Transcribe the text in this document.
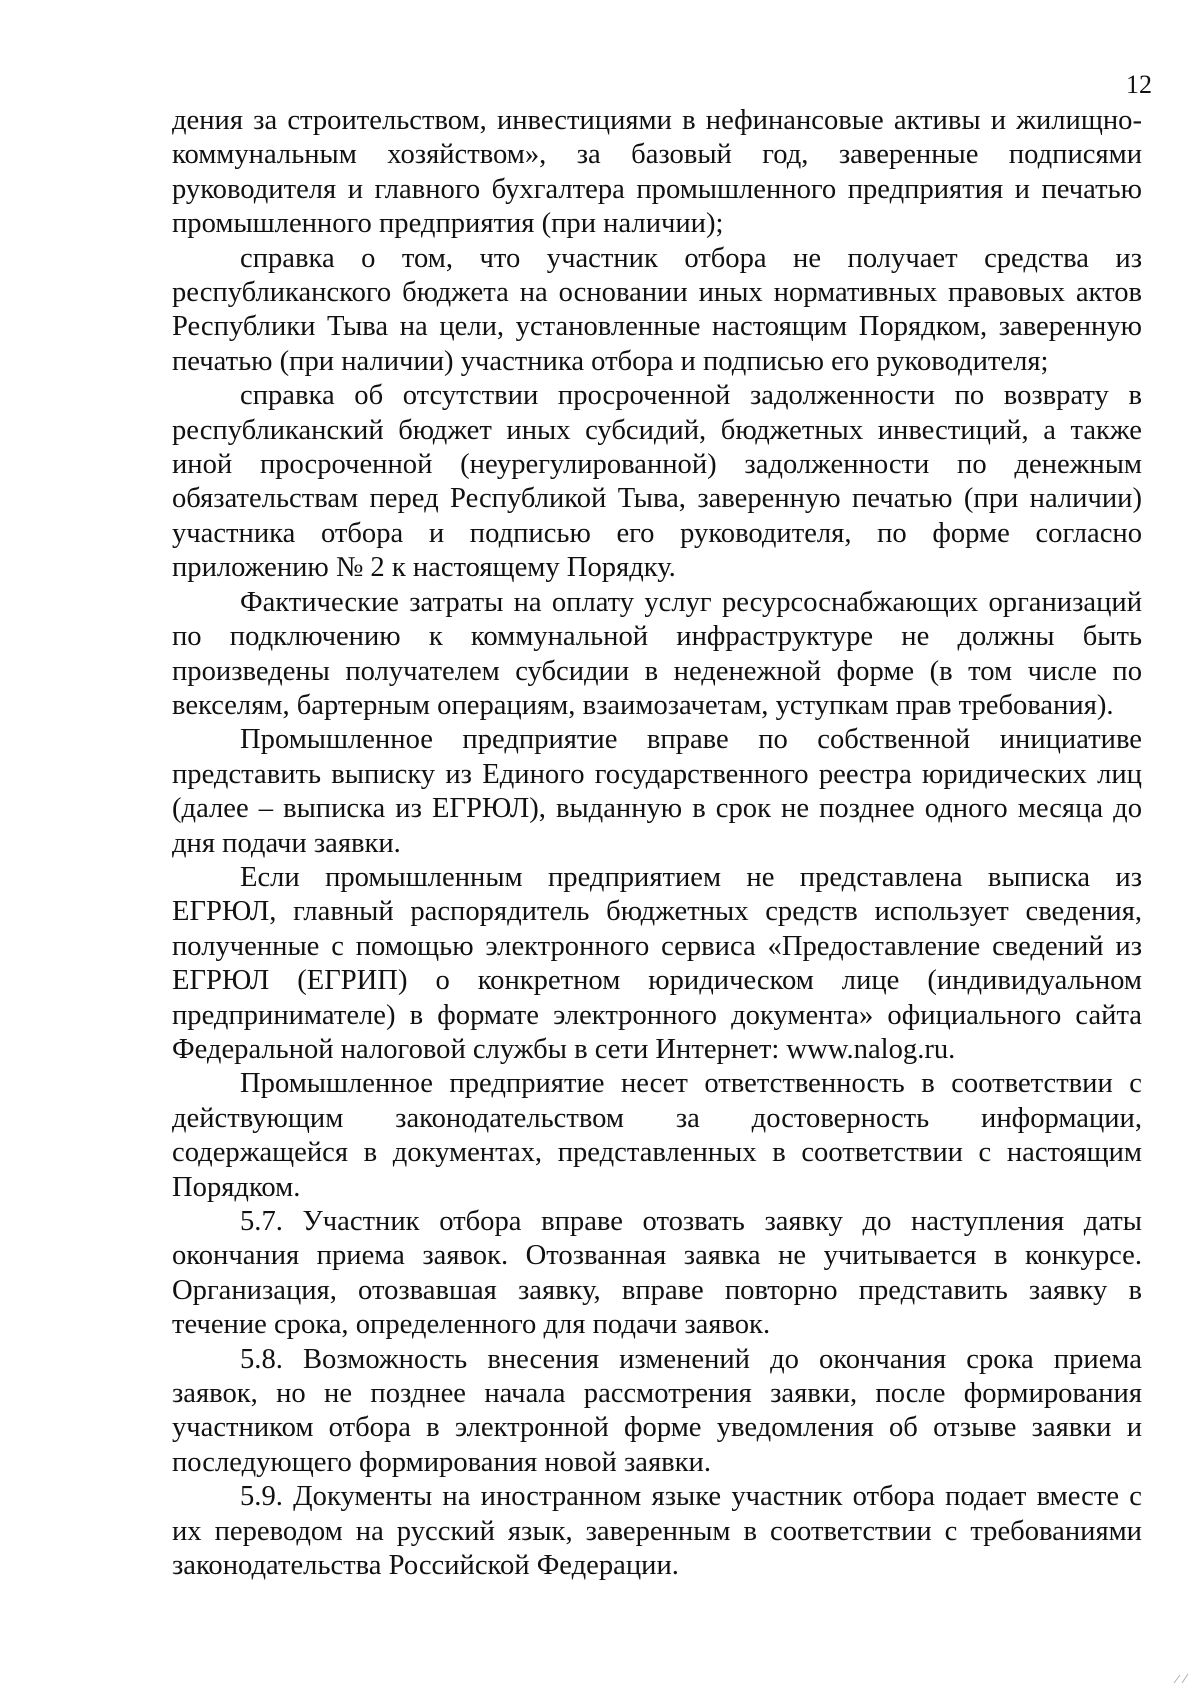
12

дения за строительством, инвестициями в нефинансовые активы и жилищно-коммунальным хозяйством», за базовый год, заверенные подписями руководителя и главного бухгалтера промышленного предприятия и печатью промышленного предприятия (при наличии);

справка о том, что участник отбора не получает средства из республиканского бюджета на основании иных нормативных правовых актов Республики Тыва на цели, установленные настоящим Порядком, заверенную печатью (при наличии) участника отбора и подписью его руководителя;

справка об отсутствии просроченной задолженности по возврату в республиканский бюджет иных субсидий, бюджетных инвестиций, а также иной просроченной (неурегулированной) задолженности по денежным обязательствам перед Республикой Тыва, заверенную печатью (при наличии) участника отбора и подписью его руководителя, по форме согласно приложению № 2 к настоящему Порядку.

Фактические затраты на оплату услуг ресурсоснабжающих организаций по подключению к коммунальной инфраструктуре не должны быть произведены получателем субсидии в неденежной форме (в том числе по векселям, бартерным операциям, взаимозачетам, уступкам прав требования).

Промышленное предприятие вправе по собственной инициативе представить выписку из Единого государственного реестра юридических лиц (далее – выписка из ЕГРЮЛ), выданную в срок не позднее одного месяца до дня подачи заявки.

Если промышленным предприятием не представлена выписка из ЕГРЮЛ, главный распорядитель бюджетных средств использует сведения, полученные с помощью электронного сервиса «Предоставление сведений из ЕГРЮЛ (ЕГРИП) о конкретном юридическом лице (индивидуальном предпринимателе) в формате электронного документа» официального сайта Федеральной налоговой службы в сети Интернет: www.nalog.ru.

Промышленное предприятие несет ответственность в соответствии с действующим законодательством за достоверность информации, содержащейся в документах, представленных в соответствии с настоящим Порядком.

5.7. Участник отбора вправе отозвать заявку до наступления даты окончания приема заявок. Отозванная заявка не учитывается в конкурсе. Организация, отозвавшая заявку, вправе повторно представить заявку в течение срока, определенного для подачи заявок.

5.8. Возможность внесения изменений до окончания срока приема заявок, но не позднее начала рассмотрения заявки, после формирования участником отбора в электронной форме уведомления об отзыве заявки и последующего формирования новой заявки.

5.9. Документы на иностранном языке участник отбора подает вместе с их переводом на русский язык, заверенным в соответствии с требованиями законодательства Российской Федерации.
